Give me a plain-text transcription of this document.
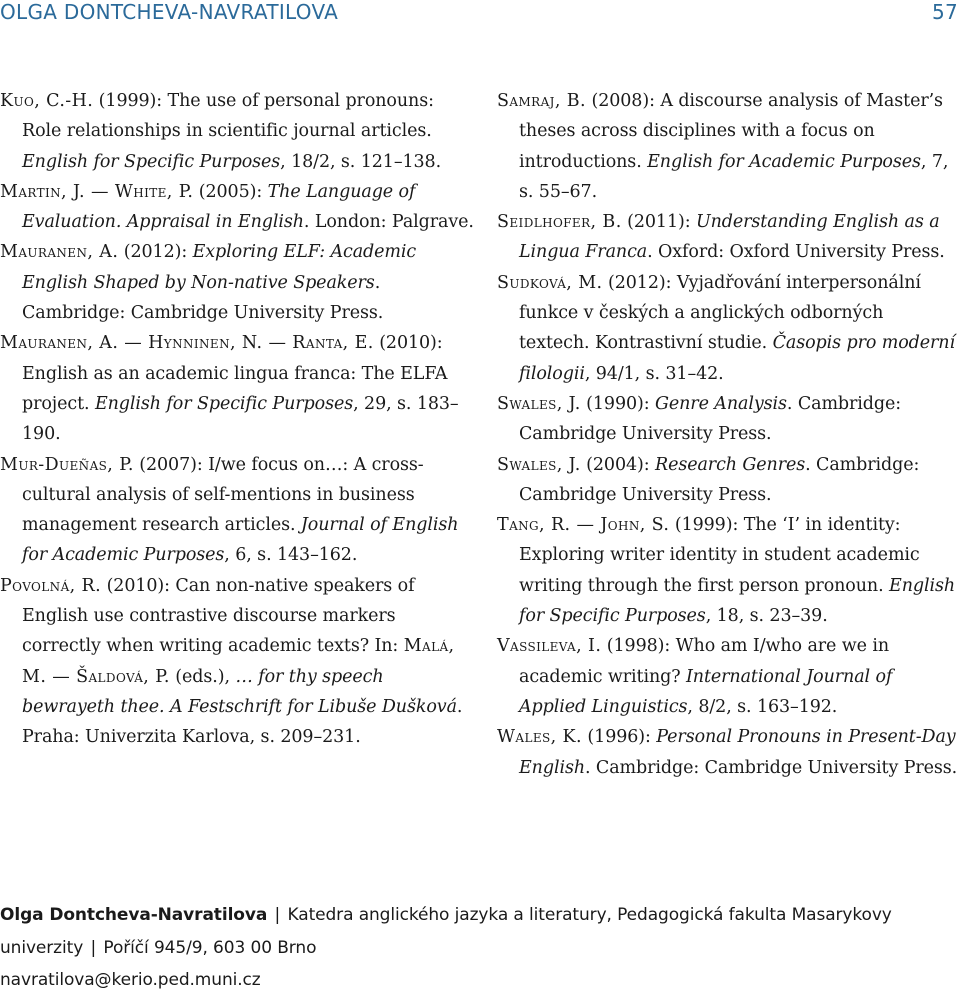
OLGA DONTCHEVA-NAVRATILOVA	57
Kuo, C.-H. (1999): The use of personal pronouns: Role relationships in scientific journal articles. English for Specific Purposes, 18/2, s. 121–138.
Martin, J. — White, P. (2005): The Language of Evaluation. Appraisal in English. London: Palgrave.
Mauranen, A. (2012): Exploring ELF: Academic English Shaped by Non-native Speakers. Cambridge: Cambridge University Press.
Mauranen, A. — Hynninen, N. — Ranta, E. (2010): English as an academic lingua franca: The ELFA project. English for Specific Purposes, 29, s. 183–190.
Mur-Dueñas, P. (2007): I/we focus on…: A cross-cultural analysis of self-mentions in business management research articles. Journal of English for Academic Purposes, 6, s. 143–162.
Povolná, R. (2010): Can non-native speakers of English use contrastive discourse markers correctly when writing academic texts? In: Malá, M. — Šaldová, P. (eds.), … for thy speech bewrayeth thee. A Festschrift for Libuše Dušková. Praha: Univerzita Karlova, s. 209–231.
Samraj, B. (2008): A discourse analysis of Master’s theses across disciplines with a focus on introductions. English for Academic Purposes, 7, s. 55–67.
Seidlhofer, B. (2011): Understanding English as a Lingua Franca. Oxford: Oxford University Press.
Sudková, M. (2012): Vyjadřování interpersonální funkce v českých a anglických odborných textech. Kontrastivní studie. Časopis pro moderní filologii, 94/1, s. 31–42.
Swales, J. (1990): Genre Analysis. Cambridge: Cambridge University Press.
Swales, J. (2004): Research Genres. Cambridge: Cambridge University Press.
Tang, R. — John, S. (1999): The ‘I’ in identity: Exploring writer identity in student academic writing through the first person pronoun. English for Specific Purposes, 18, s. 23–39.
Vassileva, I. (1998): Who am I/who are we in academic writing? International Journal of Applied Linguistics, 8/2, s. 163–192.
Wales, K. (1996): Personal Pronouns in Present-Day English. Cambridge: Cambridge University Press.
Olga Dontcheva-Navratilova | Katedra anglického jazyka a literatury, Pedagogická fakulta Masarykovy univerzity | Poříčí 945/9, 603 00 Brno
navratilova@kerio.ped.muni.cz
